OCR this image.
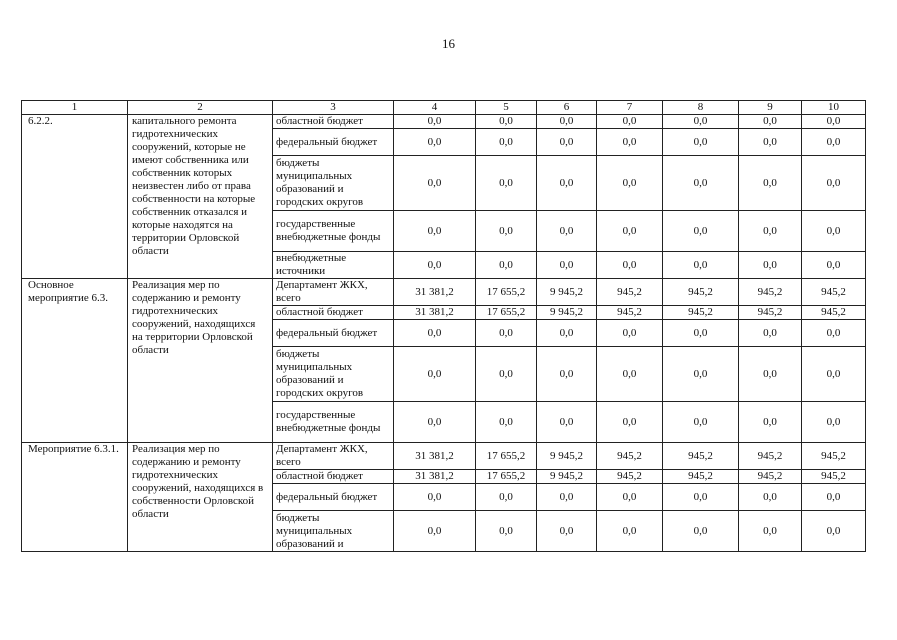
16
1	2	3	4	5	6	7	8	9	10
6.2.2.	капитального ремонта гидротехнических сооружений, которые не имеют собственника или собственник которых неизвестен либо от права собственности на которые собственник отказался и которые находятся на территории Орловской области	областной бюджет	0,0	0,0	0,0	0,0	0,0	0,0	0,0
		федеральный бюджет	0,0	0,0	0,0	0,0	0,0	0,0	0,0
		бюджеты муниципальных образований и городских округов	0,0	0,0	0,0	0,0	0,0	0,0	0,0
		государственные внебюджетные фонды	0,0	0,0	0,0	0,0	0,0	0,0	0,0
		внебюджетные источники	0,0	0,0	0,0	0,0	0,0	0,0	0,0
Основное мероприятие 6.3.	Реализация мер по содержанию и ремонту гидротехнических сооружений, находящихся на территории Орловской области	Департамент ЖКХ, всего	31 381,2	17 655,2	9 945,2	945,2	945,2	945,2	945,2
		областной бюджет	31 381,2	17 655,2	9 945,2	945,2	945,2	945,2	945,2
		федеральный бюджет	0,0	0,0	0,0	0,0	0,0	0,0	0,0
		бюджеты муниципальных образований и городских округов	0,0	0,0	0,0	0,0	0,0	0,0	0,0
		государственные внебюджетные фонды	0,0	0,0	0,0	0,0	0,0	0,0	0,0
Мероприятие 6.3.1.	Реализация мер по содержанию и ремонту гидротехнических сооружений, находящихся в собственности Орловской области	Департамент ЖКХ, всего	31 381,2	17 655,2	9 945,2	945,2	945,2	945,2	945,2
		областной бюджет	31 381,2	17 655,2	9 945,2	945,2	945,2	945,2	945,2
		федеральный бюджет	0,0	0,0	0,0	0,0	0,0	0,0	0,0
		бюджеты муниципальных образований и	0,0	0,0	0,0	0,0	0,0	0,0	0,0
